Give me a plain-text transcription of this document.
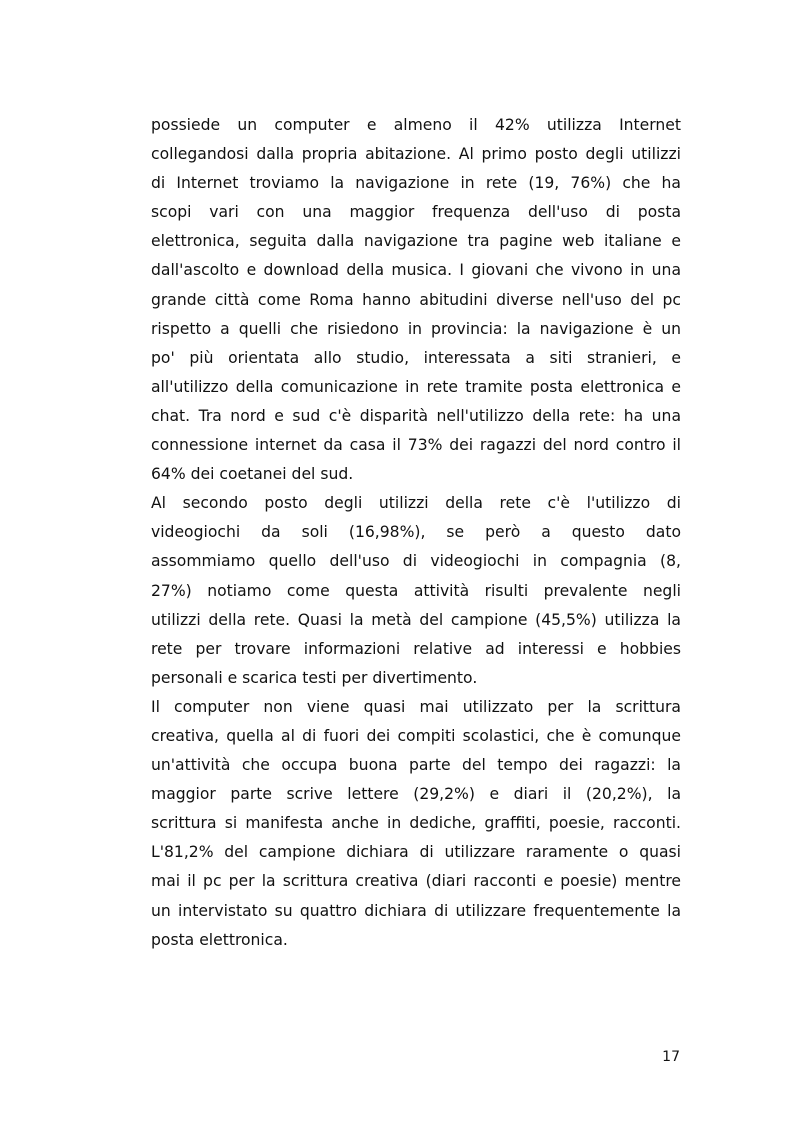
possiede un computer e almeno il 42% utilizza Internet
collegandosi dalla propria abitazione. Al primo posto degli utilizzi
di Internet troviamo la navigazione in rete (19, 76%) che ha
scopi vari con una maggior frequenza dell'uso di posta
elettronica, seguita dalla navigazione tra pagine web italiane e
dall'ascolto e download della musica. I giovani che vivono in una
grande città come Roma hanno abitudini diverse nell'uso del pc
rispetto a quelli che risiedono in provincia: la navigazione è un
po' più orientata allo studio, interessata a siti stranieri, e
all'utilizzo della comunicazione in rete tramite posta elettronica e
chat. Tra nord e sud c'è disparità nell'utilizzo della rete: ha una
connessione internet da casa il 73% dei ragazzi del nord contro il
64% dei coetanei del sud.
Al secondo posto degli utilizzi della rete c'è l'utilizzo di
videogiochi da soli (16,98%), se però a questo dato
assommiamo quello dell'uso di videogiochi in compagnia (8,
27%) notiamo come questa attività risulti prevalente negli
utilizzi della rete. Quasi la metà del campione (45,5%) utilizza la
rete per trovare informazioni relative ad interessi e hobbies
personali e scarica testi per divertimento.
Il computer non viene quasi mai utilizzato per la scrittura
creativa, quella al di fuori dei compiti scolastici, che è comunque
un'attività che occupa buona parte del tempo dei ragazzi: la
maggior parte scrive lettere (29,2%) e diari il (20,2%), la
scrittura si manifesta anche in dediche, graffiti, poesie, racconti.
L'81,2% del campione dichiara di utilizzare raramente o quasi
mai il pc per la scrittura creativa (diari racconti e poesie) mentre
un intervistato su quattro dichiara di utilizzare frequentemente la
posta elettronica.
17
